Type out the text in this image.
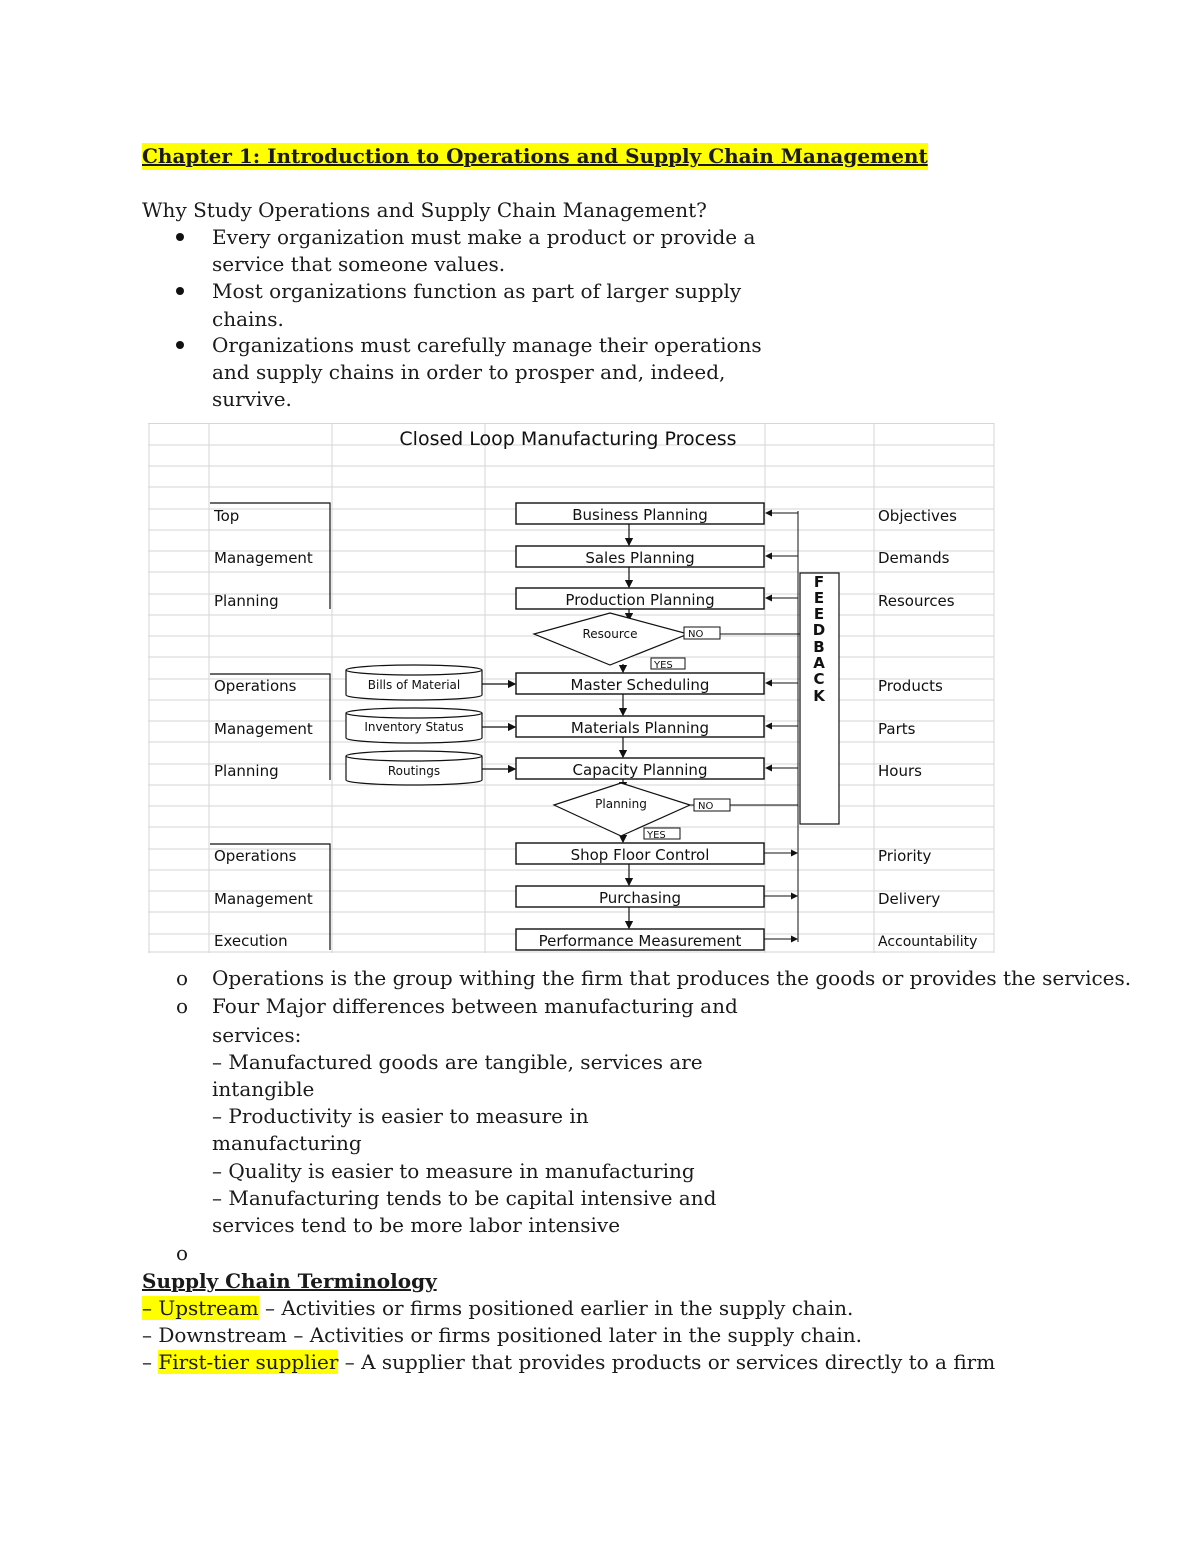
Chapter 1: Introduction to Operations and Supply Chain Management
Why Study Operations and Supply Chain Management?
Every organization must make a product or provide a
service that someone values.
Most organizations function as part of larger supply
chains.
Organizations must carefully manage their operations
and supply chains in order to prosper and, indeed,
survive.
Closed Loop Manufacturing Process
Top
Management
Planning
Operations
Management
Planning
Operations
Management
Execution
Business Planning
Sales Planning
Production Planning
Master Scheduling
Materials Planning
Capacity Planning
Shop Floor Control
Purchasing
Performance Measurement
Resource	NO
YES
Planning	NO
YES
Bills of Material
Inventory Status
Routings
F
E
E
D
B
A
C
K
Objectives
Demands
Resources
Products
Parts
Hours
Priority
Delivery
Accountability
o Operations is the group withing the firm that produces the goods or provides the services.
o Four Major differences between manufacturing and
services:
– Manufactured goods are tangible, services are
intangible
– Productivity is easier to measure in
manufacturing
– Quality is easier to measure in manufacturing
– Manufacturing tends to be capital intensive and
services tend to be more labor intensive
o
Supply Chain Terminology
– Upstream – Activities or firms positioned earlier in the supply chain.
– Downstream – Activities or firms positioned later in the supply chain.
– First-tier supplier – A supplier that provides products or services directly to a firm
